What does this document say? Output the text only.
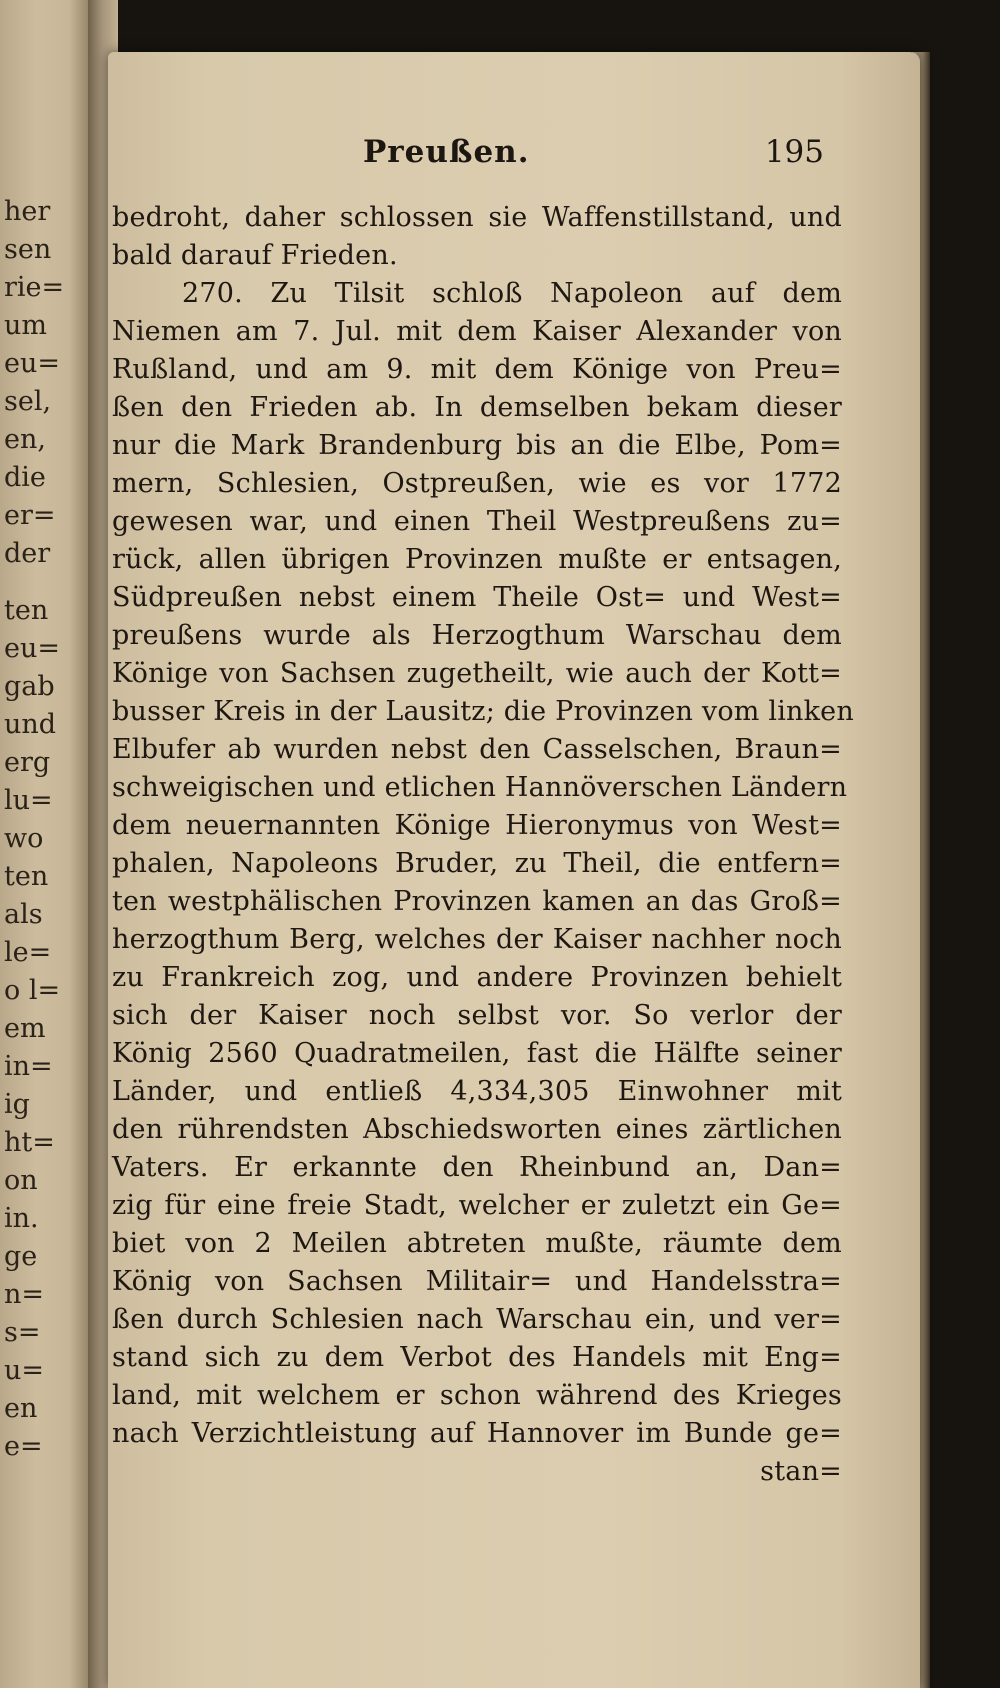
her
sen
rie=
um
eu=
sel,
en,
die
er=
der
ten
eu=
gab
und
erg
lu=
wo
ten
als
le=
o l=
em
in=
ig
ht=
on
in.
ge
n=
s=
u=
en
e=
Preußen.	195
bedroht, daher schlossen sie Waffenstillstand, und
bald darauf Frieden.
270. Zu Tilsit schloß Napoleon auf dem
Niemen am 7. Jul. mit dem Kaiser Alexander von
Rußland, und am 9. mit dem Könige von Preu=
ßen den Frieden ab. In demselben bekam dieser
nur die Mark Brandenburg bis an die Elbe, Pom=
mern, Schlesien, Ostpreußen, wie es vor 1772
gewesen war, und einen Theil Westpreußens zu=
rück, allen übrigen Provinzen mußte er entsagen,
Südpreußen nebst einem Theile Ost= und West=
preußens wurde als Herzogthum Warschau dem
Könige von Sachsen zugetheilt, wie auch der Kott=
busser Kreis in der Lausitz; die Provinzen vom linken
Elbufer ab wurden nebst den Casselschen, Braun=
schweigischen und etlichen Hannöverschen Ländern
dem neuernannten Könige Hieronymus von West=
phalen, Napoleons Bruder, zu Theil, die entfern=
ten westphälischen Provinzen kamen an das Groß=
herzogthum Berg, welches der Kaiser nachher noch
zu Frankreich zog, und andere Provinzen behielt
sich der Kaiser noch selbst vor. So verlor der
König 2560 Quadratmeilen, fast die Hälfte seiner
Länder, und entließ 4,334,305 Einwohner mit
den rührendsten Abschiedsworten eines zärtlichen
Vaters. Er erkannte den Rheinbund an, Dan=
zig für eine freie Stadt, welcher er zuletzt ein Ge=
biet von 2 Meilen abtreten mußte, räumte dem
König von Sachsen Militair= und Handelsstra=
ßen durch Schlesien nach Warschau ein, und ver=
stand sich zu dem Verbot des Handels mit Eng=
land, mit welchem er schon während des Krieges
nach Verzichtleistung auf Hannover im Bunde ge=
stan=
